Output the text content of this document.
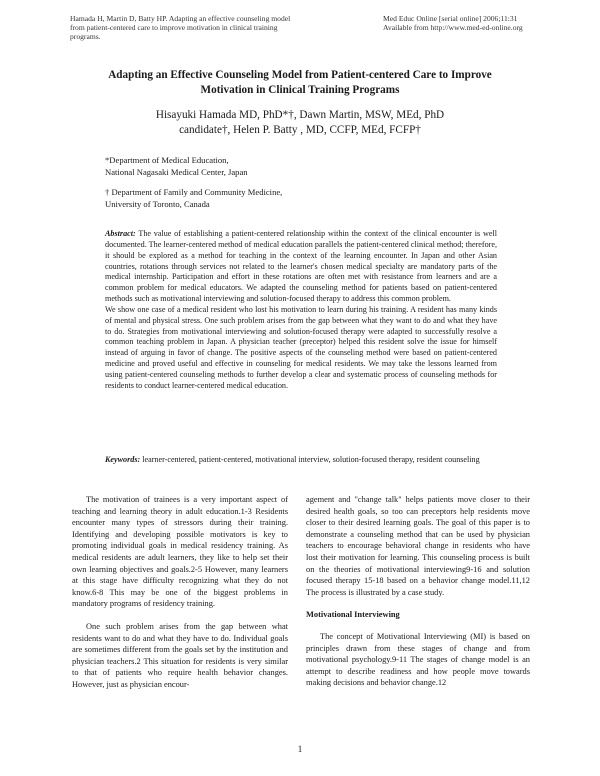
Hamada H, Martin D, Batty HP. Adapting an effective counseling model from patient-centered care to improve motivation in clinical training programs.
Med Educ Online [serial online] 2006;11:31 Available from http://www.med-ed-online.org
Adapting an Effective Counseling Model from Patient-centered Care to Improve Motivation in Clinical Training Programs
Hisayuki Hamada MD, PhD*†, Dawn Martin, MSW, MEd, PhD
candidate†, Helen P. Batty , MD, CCFP, MEd, FCFP†
*Department of Medical Education,
National Nagasaki Medical Center, Japan
† Department of Family and Community Medicine,
University of Toronto, Canada

Abstract: The value of establishing a patient-centered relationship within the context of the clinical encounter is well documented. The learner-centered method of medical education parallels the patient-centered clinical method; therefore, it should be explored as a method for teaching in the context of the learning encounter. In Japan and other Asian countries, rotations through services not related to the learner's chosen medical specialty are mandatory parts of the medical internship. Participation and effort in these rotations are often met with resistance from learners and are a common problem for medical educators. We adapted the counseling method for patients based on patient-centered methods such as motivational interviewing and solution-focused therapy to address this common problem.

We show one case of a medical resident who lost his motivation to learn during his training. A resident has many kinds of mental and physical stress. One such problem arises from the gap between what they want to do and what they have to do. Strategies from motivational interviewing and solution-focused therapy were adapted to successfully resolve a common teaching problem in Japan. A physician teacher (preceptor) helped this resident solve the issue for himself instead of arguing in favor of change. The positive aspects of the counseling method were based on patient-centered medicine and proved useful and effective in counseling for medical residents. We may take the lessons learned from using patient-centered counseling methods to further develop a clear and systematic process of counseling methods for residents to conduct learner-centered medical education.

Keywords: learner-centered, patient-centered, motivational interview, solution-focused therapy, resident counseling

The motivation of trainees is a very important aspect of teaching and learning theory in adult education.1-3 Residents encounter many types of stressors during their training. Identifying and developing possible motivators is key to promoting individual goals in medical residency training. As medical residents are adult learners, they like to help set their own learning objectives and goals.2-5 However, many learners at this stage have difficulty recognizing what they do not know.6-8 This may be one of the biggest problems in mandatory programs of residency training.

One such problem arises from the gap between what residents want to do and what they have to do. Individual goals are sometimes different from the goals set by the institution and physician teachers.2 This situation for residents is very similar to that of patients who require health behavior changes. However, just as physician encour-

agement and "change talk" helps patients move closer to their desired health goals, so too can preceptors help residents move closer to their desired learning goals. The goal of this paper is to demonstrate a counseling method that can be used by physician teachers to encourage behavioral change in residents who have lost their motivation for learning. This counseling process is built on the theories of motivational interviewing9-16 and solution focused therapy 15-18 based on a behavior change model.11,12 The process is illustrated by a case study.

Motivational Interviewing

The concept of Motivational Interviewing (MI) is based on principles drawn from these stages of change and from motivational psychology.9-11 The stages of change model is an attempt to describe readiness and how people move towards making decisions and behavior change.12

1
